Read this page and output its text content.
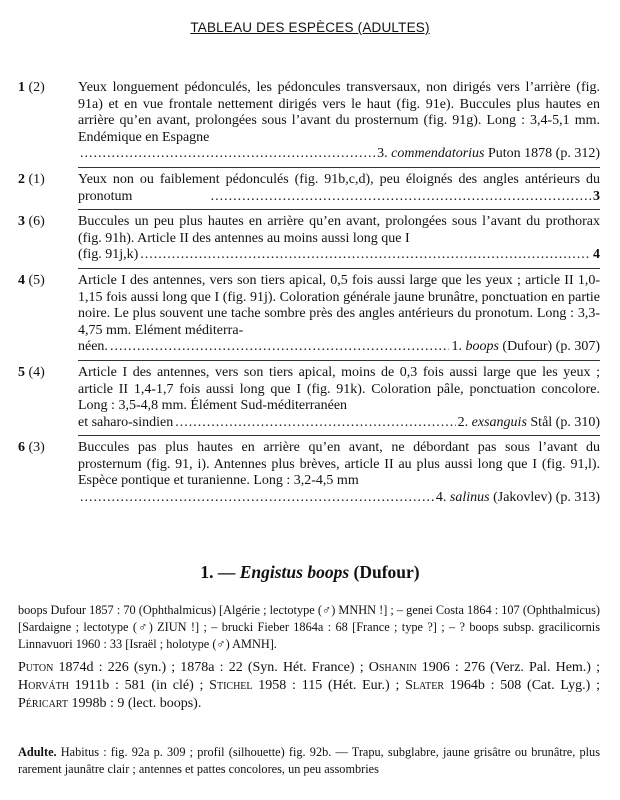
TABLEAU DES ESPÈCES (ADULTES)
1 (2)	Yeux longuement pédonculés, les pédoncules transversaux, non dirigés vers l’arrière (fig. 91a) et en vue frontale nettement dirigés vers le haut (fig. 91e). Buccules plus hautes en arrière qu’en avant, prolongées sous l’avant du prosternum (fig. 91g). Long : 3,4-5,1 mm. Endémique en Espagne
.....
3. commendatorius Puton 1878 (p. 312)
2 (1)	Yeux non ou faiblement pédonculés (fig. 91b,c,d), peu éloignés des angles antérieurs du pronotum .....	3
3 (6)	Buccules un peu plus hautes en arrière qu’en avant, prolongées sous l’avant du prothorax (fig. 91h). Article II des antennes au moins aussi long que I
(fig. 91j,k) .....	4
4 (5)	Article I des antennes, vers son tiers apical, 0,5 fois aussi large que les yeux ; article II 1,0-1,15 fois aussi long que I (fig. 91j). Coloration générale jaune brunâtre, ponctuation en partie noire. Le plus souvent une tache sombre près des angles antérieurs du pronotum. Long : 3,3-4,75 mm. Elément méditerra-
néen. .....	1. boops (Dufour) (p. 307)
5 (4)	Article I des antennes, vers son tiers apical, moins de 0,3 fois aussi large que les yeux ; article II 1,4-1,7 fois aussi long que I (fig. 91k). Coloration pâle, ponctuation concolore. Long : 3,5-4,8 mm. Élément Sud-méditerranéen
et saharo-sindien .....	2. exsanguis Stål (p. 310)
6 (3)	Buccules pas plus hautes en arrière qu’en avant, ne débordant pas sous l’avant du prosternum (fig. 91, i). Antennes plus brèves, article II au plus aussi long que I (fig. 91,l). Espèce pontique et turanienne. Long : 3,2-4,5 mm
.....
4. salinus (Jakovlev) (p. 313)
1. — Engistus boops (Dufour)
boops Dufour 1857 : 70 (Ophthalmicus) [Algérie ; lectotype (♂) MNHN !] ; – genei Costa 1864 : 107 (Ophthalmicus) [Sardaigne ; lectotype (♂) ZIUN !] ; – brucki Fieber 1864a : 68 [France ; type ?] ; – ? boops subsp. gracilicornis Linnavuori 1960 : 33 [Israël ; holotype (♂) AMNH].
Puton 1874d : 226 (syn.) ; 1878a : 22 (Syn. Hét. France) ; Oshanin 1906 : 276 (Verz. Pal. Hem.) ; Horváth 1911b : 581 (in clé) ; Stichel 1958 : 115 (Hét. Eur.) ; Slater 1964b : 508 (Cat. Lyg.) ; Péricart 1998b : 9 (lect. boops).
Adulte. Habitus : fig. 92a p. 309 ; profil (silhouette) fig. 92b. — Trapu, subglabre, jaune grisâtre ou brunâtre, plus rarement jaunâtre clair ; antennes et pattes concolores, un peu assombries
